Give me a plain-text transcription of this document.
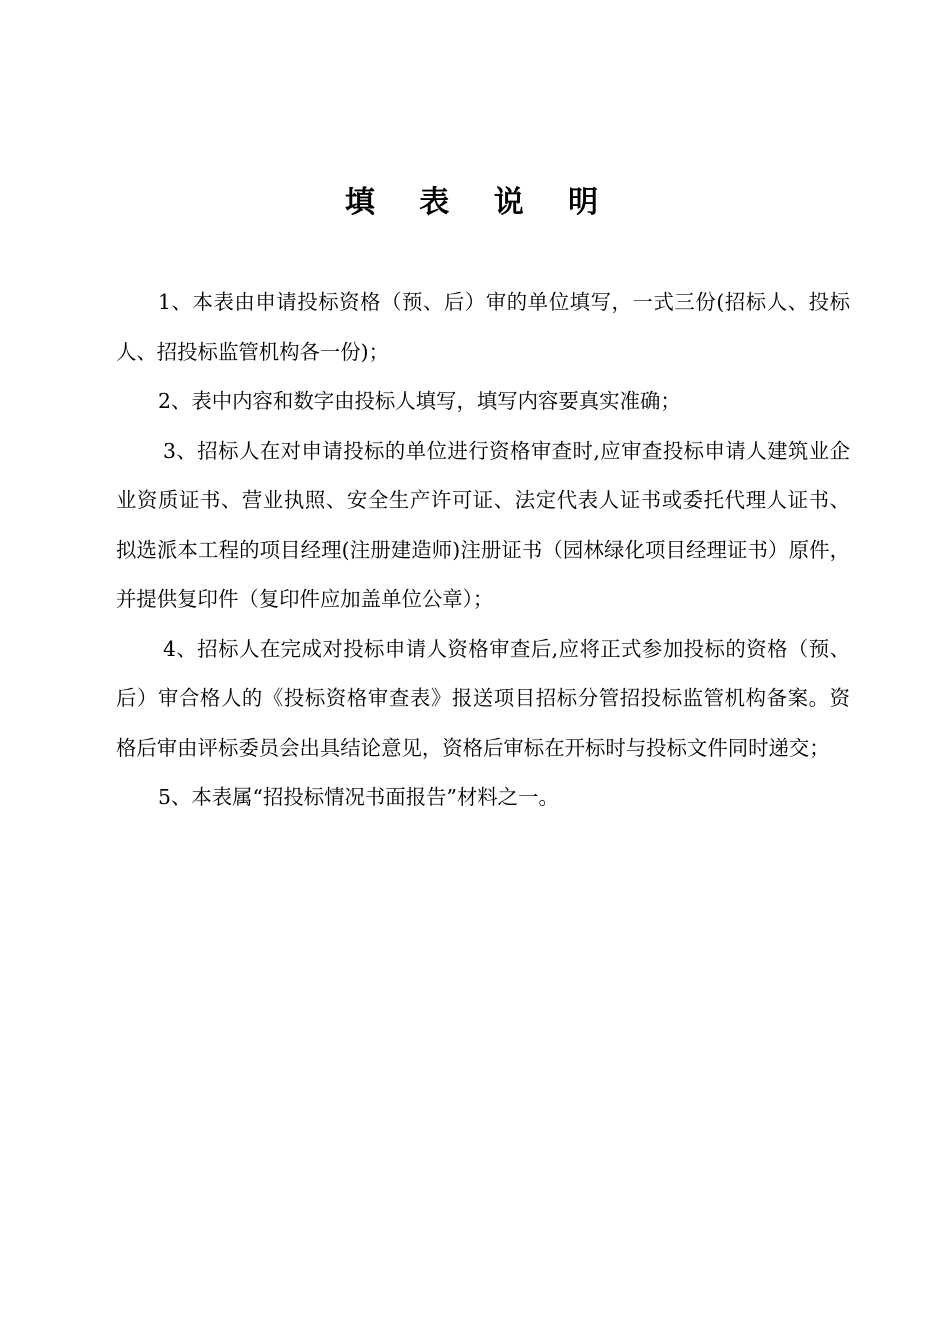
填 表 说 明

1、本表由申请投标资格（预、后）审的单位填写，一式三份(招标人、投标人、招投标监管机构各一份)；

2、表中内容和数字由投标人填写，填写内容要真实准确；

3、招标人在对申请投标的单位进行资格审查时,应审查投标申请人建筑业企业资质证书、营业执照、安全生产许可证、法定代表人证书或委托代理人证书、拟选派本工程的项目经理(注册建造师)注册证书（园林绿化项目经理证书）原件，并提供复印件（复印件应加盖单位公章）；

4、招标人在完成对投标申请人资格审查后,应将正式参加投标的资格（预、后）审合格人的《投标资格审查表》报送项目招标分管招投标监管机构备案。资格后审由评标委员会出具结论意见，资格后审标在开标时与投标文件同时递交；

5、本表属“招投标情况书面报告”材料之一。
